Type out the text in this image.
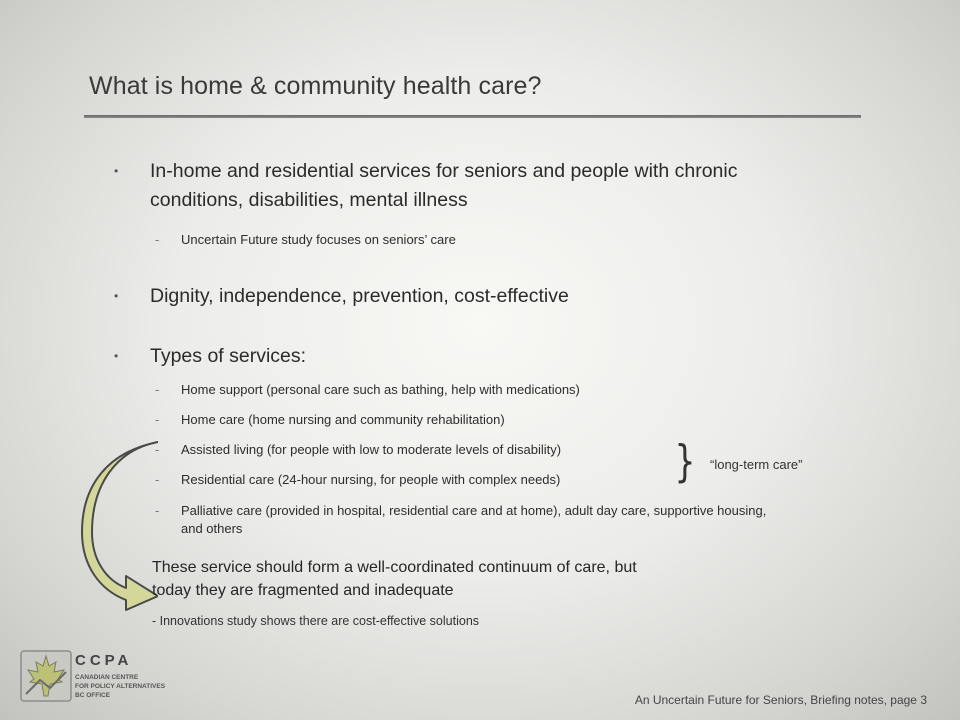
What is home & community health care?
• In-home and residential services for seniors and people with chronic
conditions, disabilities, mental illness
- Uncertain Future study focuses on seniors’ care
• Dignity, independence, prevention, cost-effective
• Types of services:
- Home support (personal care such as bathing, help with medications)
- Home care (home nursing and community rehabilitation)
- Assisted living (for people with low to moderate levels of disability)
- Residential care (24-hour nursing, for people with complex needs)
- Palliative care (provided in hospital, residential care and at home), adult day care, supportive housing,
and others
} “long-term care”
These service should form a well-coordinated continuum of care, but
today they are fragmented and inadequate
- Innovations study shows there are cost-effective solutions
CCPA
CANADIAN CENTRE
FOR POLICY ALTERNATIVES
BC OFFICE	An Uncertain Future for Seniors, Briefing notes, page 3
